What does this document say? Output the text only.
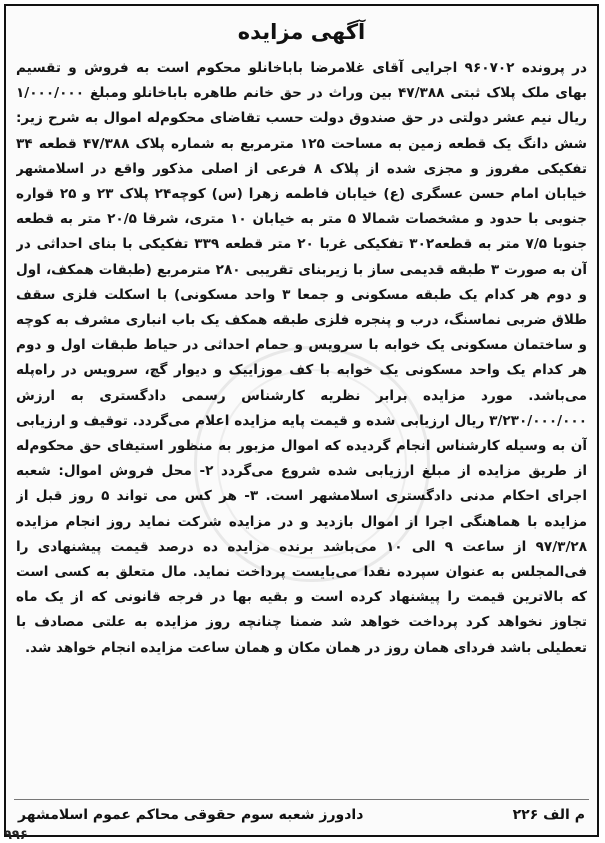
آگهی مزایده

در پرونده ۹۶۰۷۰۲ اجرایی آقای غلامرضا باباخانلو محکوم است به فروش و تقسیم بهای ملک پلاک ثبتی ۴۷/۳۸۸ بین وراث در حق خانم طاهره باباخانلو ومبلغ ۱/۰۰۰/۰۰۰ ریال نیم عشر دولتی در حق صندوق دولت حسب تقاضای محکوم‌له اموال به شرح زیر: شش دانگ یک قطعه زمین به مساحت ۱۲۵ مترمربع به شماره پلاک ۴۷/۳۸۸ قطعه ۳۴ تفکیکی مفروز و مجزی شده از پلاک ۸ فرعی از اصلی مذکور واقع در اسلامشهر خیابان امام حسن عسگری (ع) خیابان فاطمه زهرا (س) کوچه۲۴ پلاک ۲۳ و ۲۵ قواره جنوبی با حدود و مشخصات شمالا ۵ متر به خیابان ۱۰ متری، شرقا ۲۰/۵ متر به قطعه جنوبا ۷/۵ متر به قطعه۳۰۲ تفکیکی غربا ۲۰ متر قطعه ۳۳۹ تفکیکی با بنای احداثی در آن به صورت ۳ طبقه قدیمی ساز با زیربنای تقریبی ۲۸۰ مترمربع (طبقات همکف، اول و دوم هر کدام یک طبقه مسکونی و جمعا ۳ واحد مسکونی) با اسکلت فلزی سقف طلاق ضربی نماسنگ، درب و پنجره فلزی طبقه همکف یک باب انباری مشرف به کوچه و ساختمان مسکونی یک خوابه با سرویس و حمام احداثی در حیاط طبقات اول و دوم هر کدام یک واحد مسکونی یک خوابه با کف موزاییک و دیوار گچ، سرویس در راه‌پله می‌باشد. مورد مزایده برابر نظریه کارشناس رسمی دادگستری به ارزش ۳/۲۳۰/۰۰۰/۰۰۰ ریال ارزیابی شده و قیمت پایه مزایده اعلام می‌گردد. توقیف و ارزیابی آن به وسیله کارشناس انجام گردیده که اموال مزبور به منظور استیفای حق محکوم‌له از طریق مزایده از مبلغ ارزیابی شده شروع می‌گردد ۲- محل فروش اموال: شعبه اجرای احکام مدنی دادگستری اسلامشهر است. ۳- هر کس می تواند ۵ روز قبل از مزایده با هماهنگی اجرا از اموال بازدید و در مزایده شرکت نماید روز انجام مزایده ۹۷/۳/۲۸ از ساعت ۹ الی ۱۰ می‌باشد برنده مزایده ده درصد قیمت پیشنهادی را فی‌المجلس به عنوان سپرده نقدا می‌بایست پرداخت نماید. مال متعلق به کسی است که بالاترین قیمت را پیشنهاد کرده است و بقیه بها در فرجه قانونی که از یک ماه تجاوز نخواهد کرد پرداخت خواهد شد ضمنا چنانچه روز مزایده به علتی مصادف با تعطیلی باشد فردای همان روز در همان مکان و همان ساعت مزایده انجام خواهد شد.

م الف ۲۲۶
دادورز شعبه سوم حقوقی محاکم عموم اسلامشهر
۹۹۶
